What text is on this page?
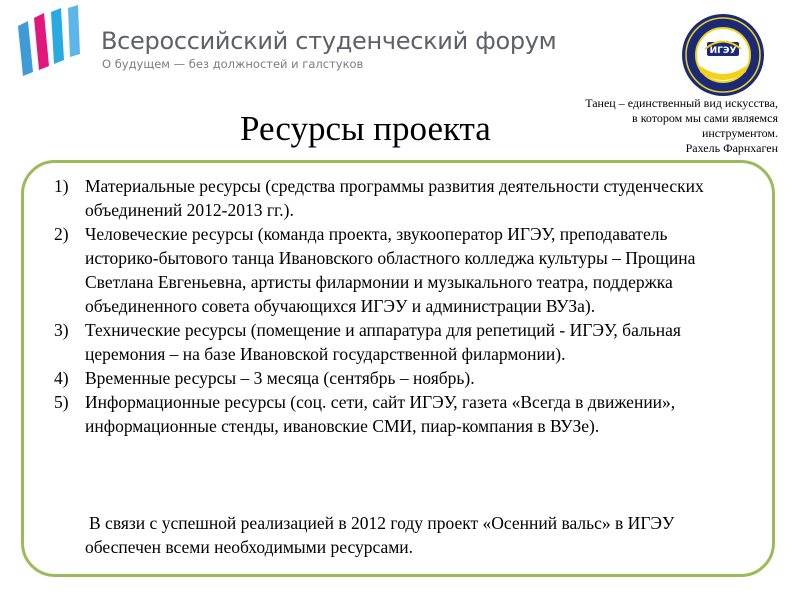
Всероссийский студенческий форум
О будущем — без должностей и галстуков
ИГЭУ
Танец – единственный вид искусства,
в котором мы сами являемся
инструментом.
Рахель Фарнхаген
Ресурсы проекта
1) Материальные ресурсы (средства программы развития деятельности студенческих объединений 2012-2013 гг.).
2) Человеческие ресурсы (команда проекта, звукооператор ИГЭУ, преподаватель историко-бытового танца Ивановского областного колледжа культуры – Прощина Светлана Евгеньевна, артисты филармонии и музыкального театра, поддержка объединенного совета обучающихся ИГЭУ и администрации ВУЗа).
3) Технические ресурсы (помещение и аппаратура для репетиций - ИГЭУ, бальная церемония – на базе Ивановской государственной филармонии).
4) Временные ресурсы – 3 месяца (сентябрь – ноябрь).
5) Информационные ресурсы (соц. сети, сайт ИГЭУ, газета «Всегда в движении», информационные стенды, ивановские СМИ, пиар-компания в ВУЗе).

В связи с успешной реализацией в 2012 году проект «Осенний вальс» в ИГЭУ обеспечен всеми необходимыми ресурсами.
